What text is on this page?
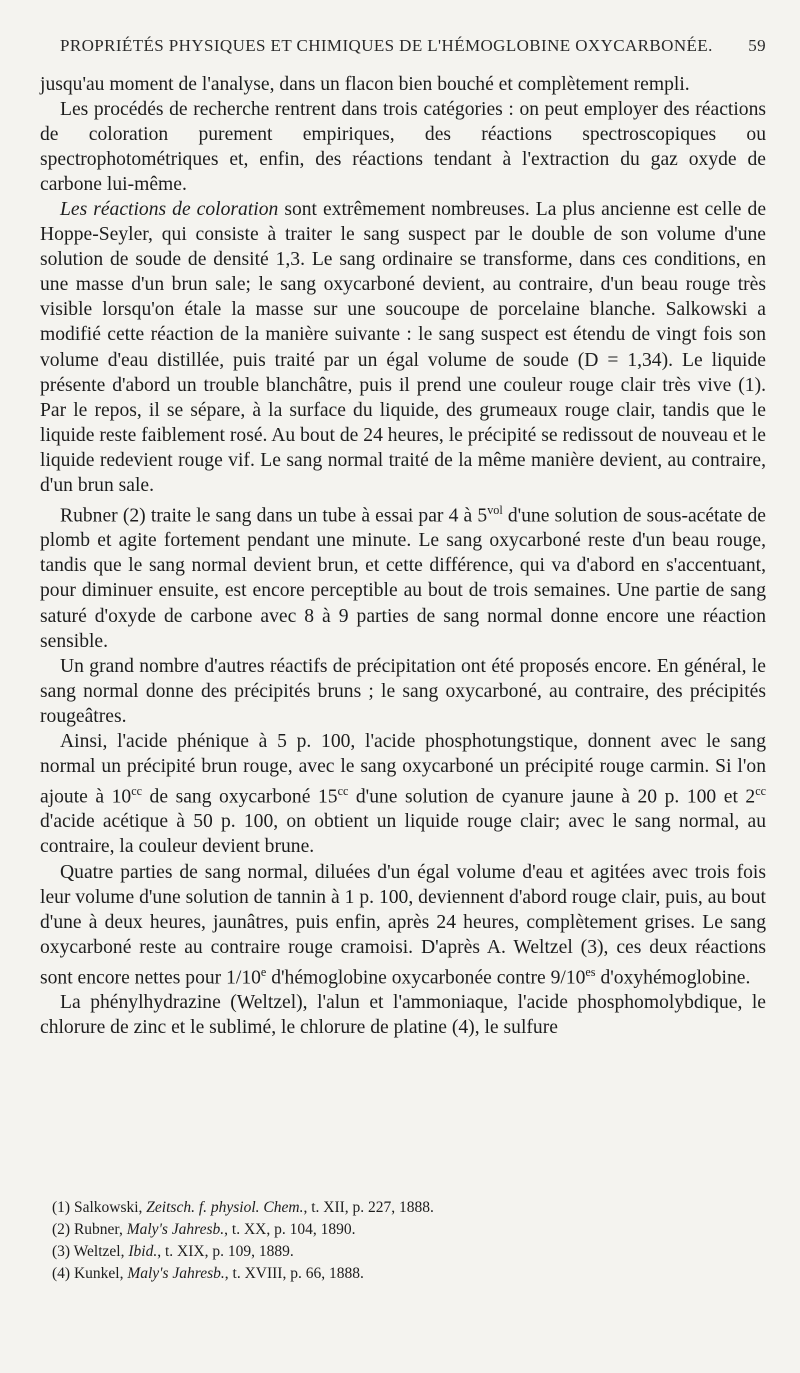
PROPRIÉTÉS PHYSIQUES ET CHIMIQUES DE L'HÉMOGLOBINE OXYCARBONÉE. 59

jusqu'au moment de l'analyse, dans un flacon bien bouché et complètement rempli.

Les procédés de recherche rentrent dans trois catégories : on peut employer des réactions de coloration purement empiriques, des réactions spectroscopiques ou spectrophotométriques et, enfin, des réactions tendant à l'extraction du gaz oxyde de carbone lui-même.

Les réactions de coloration sont extrêmement nombreuses. La plus ancienne est celle de Hoppe-Seyler, qui consiste à traiter le sang suspect par le double de son volume d'une solution de soude de densité 1,3. Le sang ordinaire se transforme, dans ces conditions, en une masse d'un brun sale; le sang oxycarboné devient, au contraire, d'un beau rouge très visible lorsqu'on étale la masse sur une soucoupe de porcelaine blanche. Salkowski a modifié cette réaction de la manière suivante : le sang suspect est étendu de vingt fois son volume d'eau distillée, puis traité par un égal volume de soude (D = 1,34). Le liquide présente d'abord un trouble blanchâtre, puis il prend une couleur rouge clair très vive (1). Par le repos, il se sépare, à la surface du liquide, des grumeaux rouge clair, tandis que le liquide reste faiblement rosé. Au bout de 24 heures, le précipité se redissout de nouveau et le liquide redevient rouge vif. Le sang normal traité de la même manière devient, au contraire, d'un brun sale.

Rubner (2) traite le sang dans un tube à essai par 4 à $5^{vol}$ d'une solution de sous-acétate de plomb et agite fortement pendant une minute. Le sang oxycarboné reste d'un beau rouge, tandis que le sang normal devient brun, et cette différence, qui va d'abord en s'accentuant, pour diminuer ensuite, est encore perceptible au bout de trois semaines. Une partie de sang saturé d'oxyde de carbone avec 8 à 9 parties de sang normal donne encore une réaction sensible.

Un grand nombre d'autres réactifs de précipitation ont été proposés encore. En général, le sang normal donne des précipités bruns ; le sang oxycarboné, au contraire, des précipités rougeâtres.

Ainsi, l'acide phénique à 5 p. 100, l'acide phosphotungstique, donnent avec le sang normal un précipité brun rouge, avec le sang oxycarboné un précipité rouge carmin. Si l'on ajoute à $10^{cc}$ de sang oxycarboné $15^{cc}$ d'une solution de cyanure jaune à 20 p. 100 et $2^{cc}$ d'acide acétique à 50 p. 100, on obtient un liquide rouge clair; avec le sang normal, au contraire, la couleur devient brune.

Quatre parties de sang normal, diluées d'un égal volume d'eau et agitées avec trois fois leur volume d'une solution de tannin à 1 p. 100, deviennent d'abord rouge clair, puis, au bout d'une à deux heures, jaunâtres, puis enfin, après 24 heures, complètement grises. Le sang oxycarboné reste au contraire rouge cramoisi. D'après A. Weltzel (3), ces deux réactions sont encore nettes pour 1/10e d'hémoglobine oxycarbonée contre $9/10^{es}$ d'oxyhémoglobine.

La phénylhydrazine (Weltzel), l'alun et l'ammoniaque, l'acide phosphomolybdique, le chlorure de zinc et le sublimé, le chlorure de platine (4), le sulfure

(1) Salkowski, Zeitsch. f. physiol. Chem., t. XII, p. 227, 1888.
(2) Rubner, Maly's Jahresb., t. XX, p. 104, 1890.
(3) Weltzel, Ibid., t. XIX, p. 109, 1889.
(4) Kunkel, Maly's Jahresb., t. XVIII, p. 66, 1888.
